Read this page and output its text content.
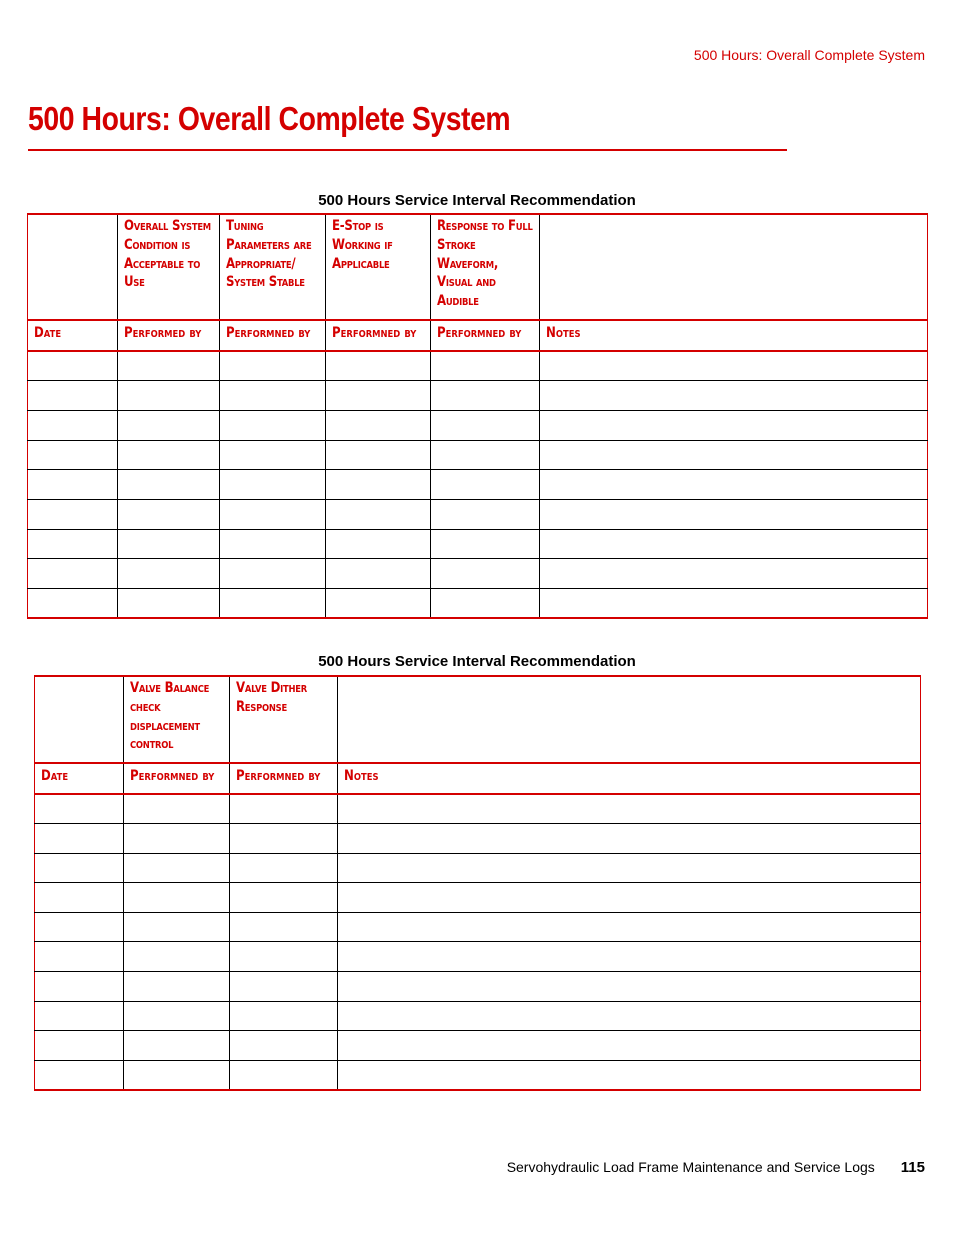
500 Hours: Overall Complete System
500 Hours: Overall Complete System
500 Hours Service Interval Recommendation

	Overall System Condition is Acceptable to Use	Tuning Parameters are Appropriate/ System Stable	E-Stop is Working if Applicable	Response to Full Stroke Waveform, Visual and Audible	

Date	Performed by	Performned by	Performned by	Performned by	Notes

500 Hours Service Interval Recommendation

	Valve Balance check displacement control	Valve Dither Response	

Date	Performned by	Performned by	Notes

Servohydraulic Load Frame Maintenance and Service Logs 115
